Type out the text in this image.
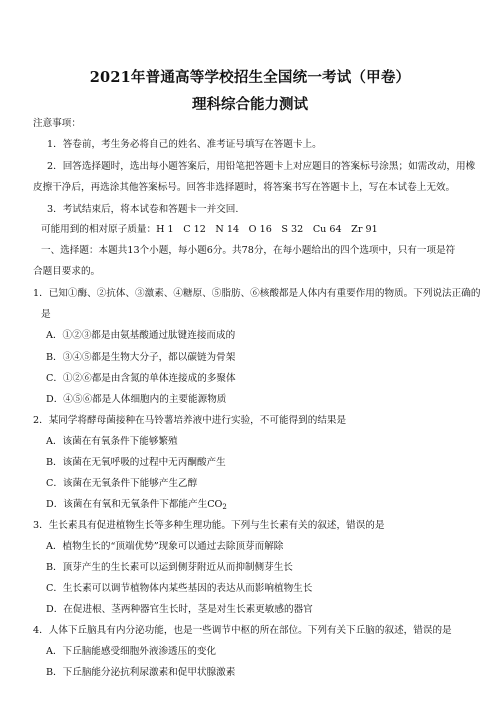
2021年普通高等学校招生全国统一考试（甲卷）
理科综合能力测试
注意事项：
1．答卷前，考生务必将自己的姓名、准考证号填写在答题卡上。
2．回答选择题时，选出每小题答案后，用铅笔把答题卡上对应题目的答案标号涂黑；如需改动，用橡
皮擦干净后，再选涂其他答案标号。回答非选择题时，将答案书写在答题卡上，写在本试卷上无效。
3．考试结束后，将本试卷和答题卡一并交回.
可能用到的相对原子质量：H 1　C 12　N 14　O 16　S 32　Cu 64　Zr 91
一、选择题：本题共13个小题，每小题6分。共78分，在每小题给出的四个选项中，只有一项是符
合题目要求的。
1．已知①酶、②抗体、③激素、④糖原、⑤脂肪、⑥核酸都是人体内有重要作用的物质。下列说法正确的
是
A．①②③都是由氨基酸通过肽键连接而成的
B．③④⑤都是生物大分子，都以碳链为骨架
C．①②⑥都是由含氮的单体连接成的多聚体
D．④⑤⑥都是人体细胞内的主要能源物质
2．某同学将酵母菌接种在马铃薯培养液中进行实验，不可能得到的结果是
A．该菌在有氧条件下能够繁殖
B．该菌在无氧呼吸的过程中无丙酮酸产生
C．该菌在无氧条件下能够产生乙醇
D．该菌在有氧和无氧条件下都能产生$CO_2$
3．生长素具有促进植物生长等多种生理功能。下列与生长素有关的叙述，错误的是
A．植物生长的“顶端优势”现象可以通过去除顶芽而解除
B．顶芽产生的生长素可以运到侧芽附近从而抑制侧芽生长
C．生长素可以调节植物体内某些基因的表达从而影响植物生长
D．在促进根、茎两种器官生长时，茎是对生长素更敏感的器官
4．人体下丘脑具有内分泌功能，也是一些调节中枢的所在部位。下列有关下丘脑的叙述，错误的是
A．下丘脑能感受细胞外液渗透压的变化
B．下丘脑能分泌抗利尿激素和促甲状腺激素
